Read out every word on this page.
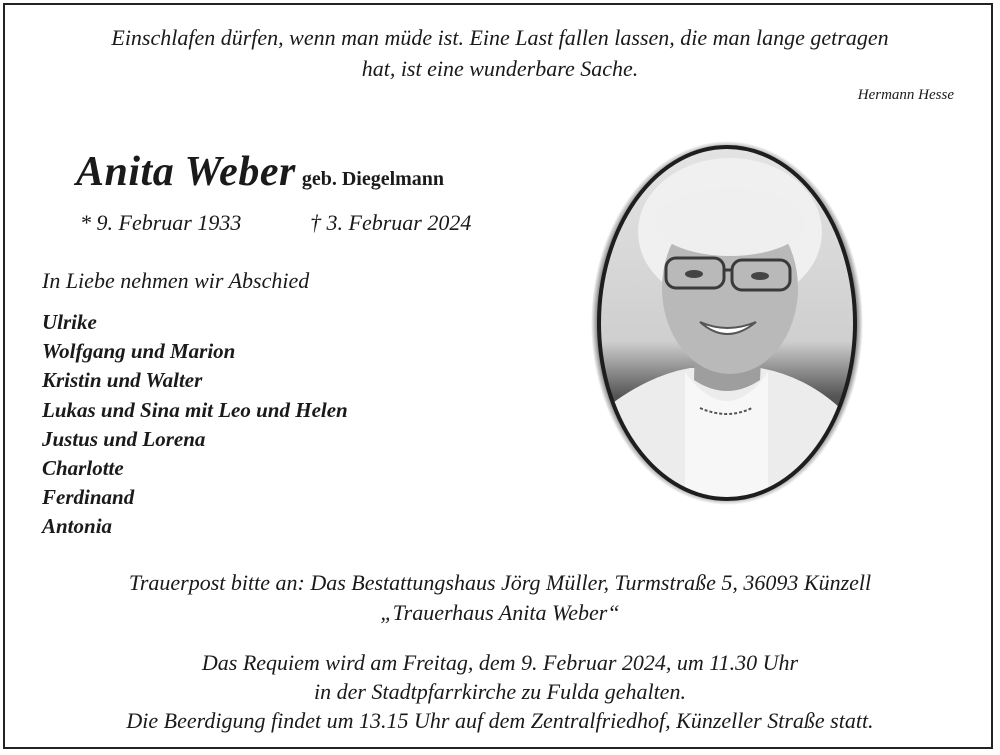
Einschlafen dürfen, wenn man müde ist. Eine Last fallen lassen, die man lange getragen
hat, ist eine wunderbare Sache.
Hermann Hesse
Anita Weber geb. Diegelmann
* 9. Februar 1933	† 3. Februar 2024
In Liebe nehmen wir Abschied
Ulrike
Wolfgang und Marion
Kristin und Walter
Lukas und Sina mit Leo und Helen
Justus und Lorena
Charlotte
Ferdinand
Antonia
Trauerpost bitte an: Das Bestattungshaus Jörg Müller, Turmstraße 5, 36093 Künzell
„Trauerhaus Anita Weber“
Das Requiem wird am Freitag, dem 9. Februar 2024, um 11.30 Uhr
in der Stadtpfarrkirche zu Fulda gehalten.
Die Beerdigung findet um 13.15 Uhr auf dem Zentralfriedhof, Künzeller Straße statt.
